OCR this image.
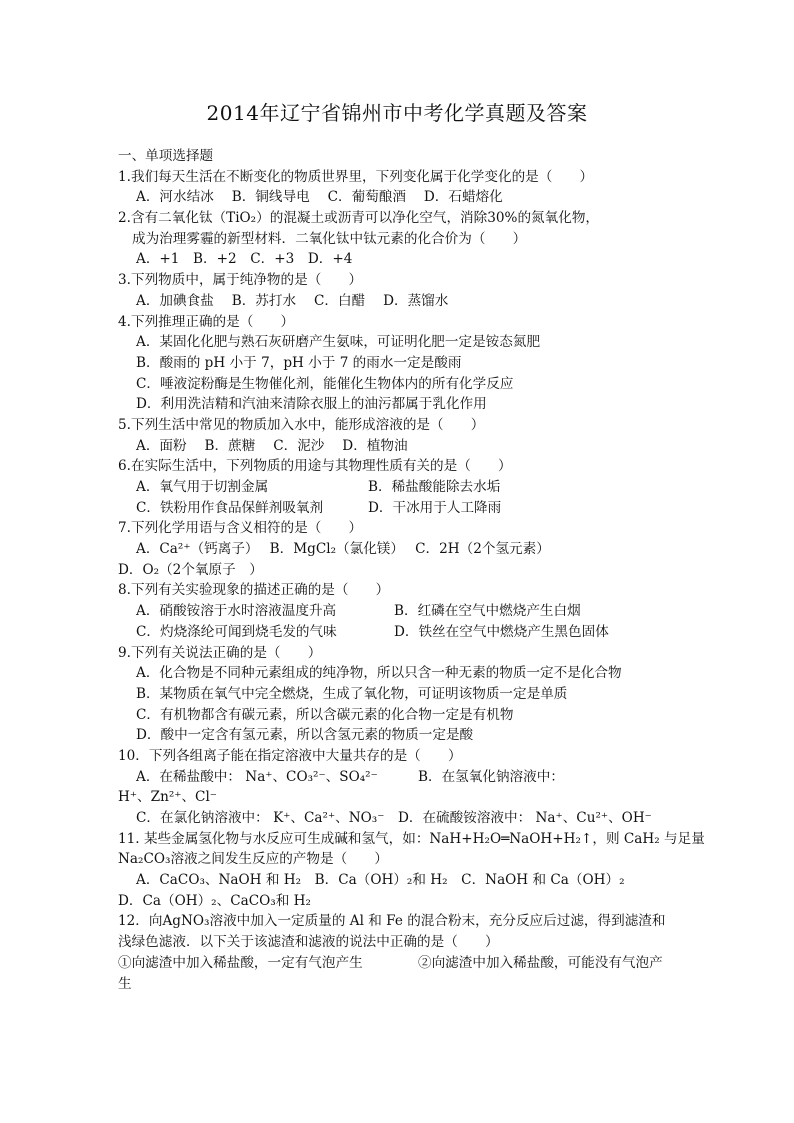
2014年辽宁省锦州市中考化学真题及答案
一、单项选择题
1.我们每天生活在不断变化的物质世界里，下列变化属于化学变化的是（　　）
A．河水结冰　 B．铜线导电　 C．葡萄酿酒　 D．石蜡熔化
2.含有二氧化钛（TiO₂）的混凝土或沥青可以净化空气，消除30%的氮氧化物，
成为治理雾霾的新型材料．二氧化钛中钛元素的化合价为（　　）
A．+1　B．+2　C．+3　D．+4
3.下列物质中，属于纯净物的是（　　）
A．加碘食盐　 B．苏打水　 C．白醋　 D．蒸馏水
4.下列推理正确的是（　　）
A．某固化化肥与熟石灰研磨产生氨味，可证明化肥一定是铵态氮肥
B．酸雨的 pH 小于 7，pH 小于 7 的雨水一定是酸雨
C．唾液淀粉酶是生物催化剂，能催化生物体内的所有化学反应
D．利用洗洁精和汽油来清除衣服上的油污都属于乳化作用
5.下列生活中常见的物质加入水中，能形成溶液的是（　　）
A．面粉　 B．蔗糖　 C．泥沙　 D．植物油
6.在实际生活中，下列物质的用途与其物理性质有关的是（　　）
A．氧气用于切割金属	B．稀盐酸能除去水垢
C．铁粉用作食品保鲜剂吸氧剂	D．干冰用于人工降雨
7.下列化学用语与含义相符的是（　　）
A．Ca²⁺（钙离子）　 B．MgCl₂（氯化镁）　 C．2H（2个氢元素）
D．O₂（2个氧原子　）
8.下列有关实验现象的描述正确的是（　　）
A．硝酸铵溶于水时溶液温度升高	B．红磷在空气中燃烧产生白烟
C．灼烧涤纶可闻到烧毛发的气味	D．铁丝在空气中燃烧产生黑色固体
9.下列有关说法正确的是（　　）
A．化合物是不同种元素组成的纯净物，所以只含一种无素的物质一定不是化合物
B．某物质在氧气中完全燃烧，生成了氧化物，可证明该物质一定是单质
C．有机物都含有碳元素，所以含碳元素的化合物一定是有机物
D．酸中一定含有氢元素，所以含氢元素的物质一定是酸
10．下列各组离子能在指定溶液中大量共存的是（　　）
A．在稀盐酸中： Na⁺、CO₃²⁻、SO₄²⁻	B．在氢氧化钠溶液中：
H⁺、Zn²⁺、Cl⁻
C．在氯化钠溶液中： K⁺、Ca²⁺、NO₃⁻　D．在硫酸铵溶液中： Na⁺、Cu²⁺、OH⁻
11. 某些金属氢化物与水反应可生成碱和氢气，如：NaH+H₂O═NaOH+H₂↑，则 CaH₂ 与足量
Na₂CO₃溶液之间发生反应的产物是（　　）
A．CaCO₃、NaOH 和 H₂　B．Ca（OH）₂和 H₂　C．NaOH 和 Ca（OH）₂
D．Ca（OH）₂、CaCO₃和 H₂
12．向AgNO₃溶液中加入一定质量的 Al 和 Fe 的混合粉末，充分反应后过滤，得到滤渣和
浅绿色滤液．以下关于该滤渣和滤液的说法中正确的是（　　）
①向滤渣中加入稀盐酸，一定有气泡产生	②向滤渣中加入稀盐酸，可能没有气泡产
生
